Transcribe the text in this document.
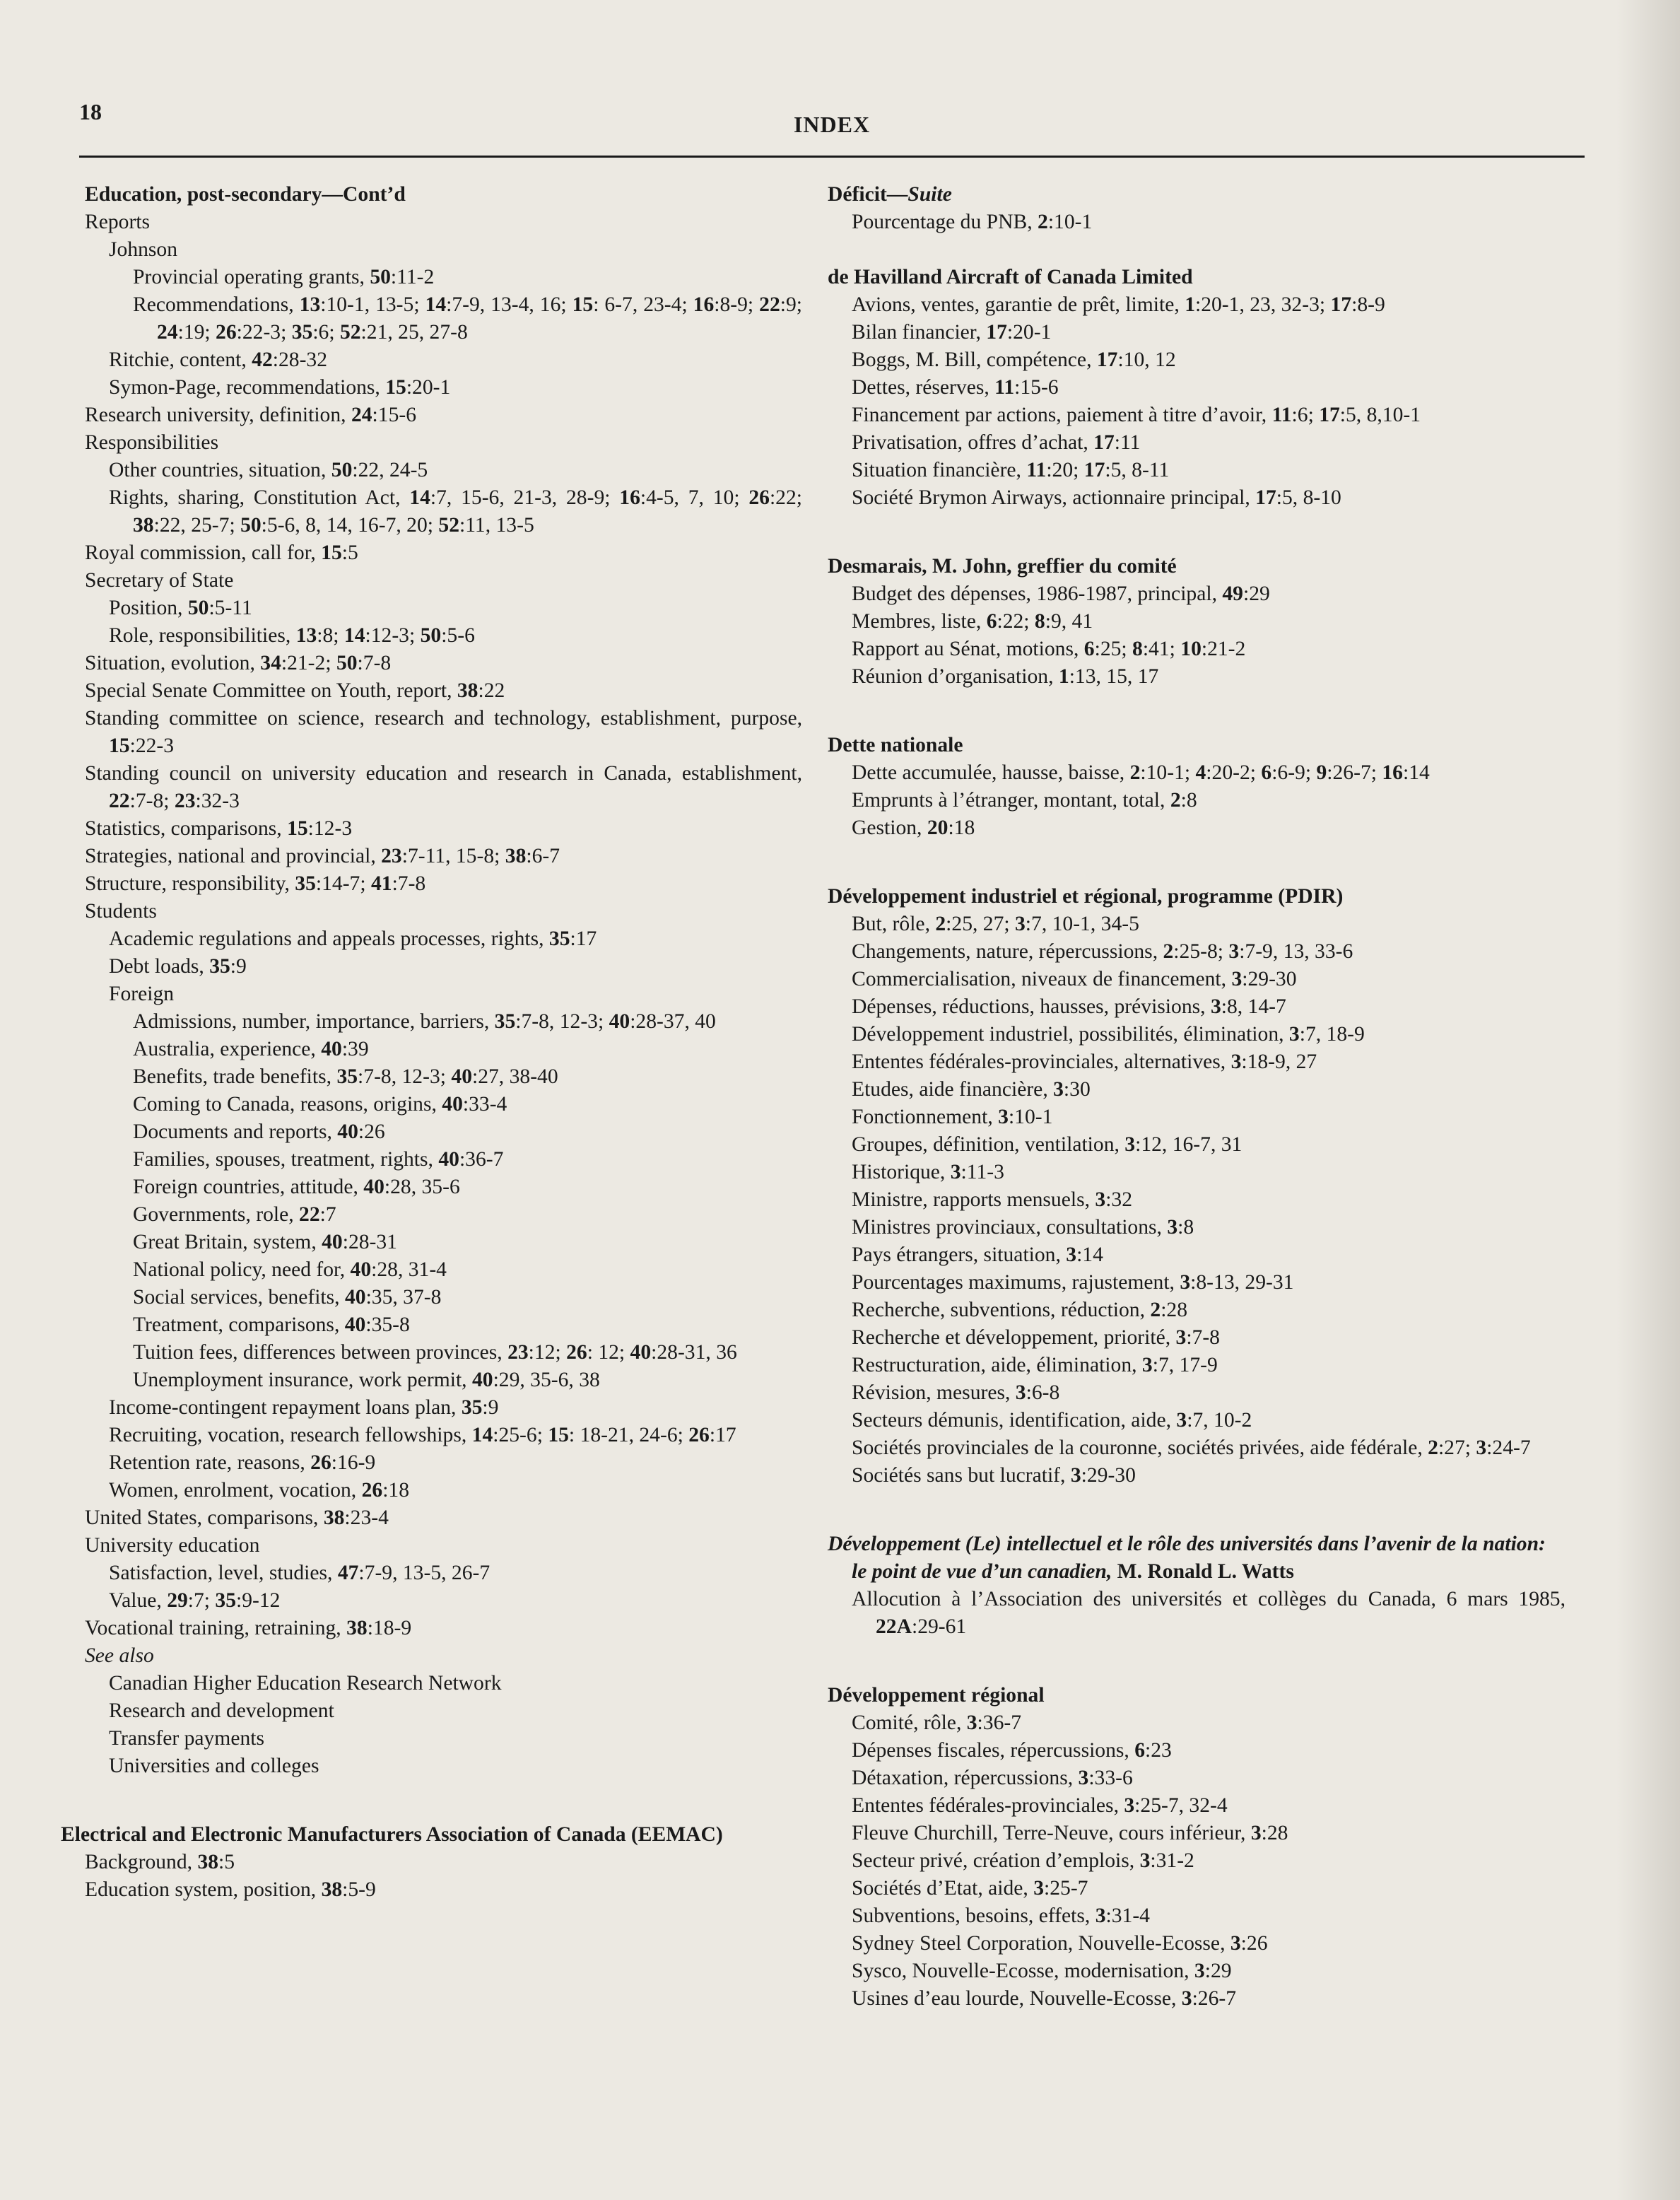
18	INDEX

Education, post-secondary—Cont’d

Reports

Johnson

Provincial operating grants, 50:11-2

Recommendations, 13:10-1, 13-5; 14:7-9, 13-4, 16; 15: 6-7, 23-4; 16:8-9; 22:9; 24:19; 26:22-3; 35:6; 52:21, 25, 27-8

Ritchie, content, 42:28-32

Symon-Page, recommendations, 15:20-1

Research university, definition, 24:15-6

Responsibilities

Other countries, situation, 50:22, 24-5

Rights, sharing, Constitution Act, 14:7, 15-6, 21-3, 28-9; 16:4-5, 7, 10; 26:22; 38:22, 25-7; 50:5-6, 8, 14, 16-7, 20; 52:11, 13-5

Royal commission, call for, 15:5

Secretary of State

Position, 50:5-11

Role, responsibilities, 13:8; 14:12-3; 50:5-6

Situation, evolution, 34:21-2; 50:7-8

Special Senate Committee on Youth, report, 38:22

Standing committee on science, research and technology, establishment, purpose, 15:22-3

Standing council on university education and research in Canada, establishment, 22:7-8; 23:32-3

Statistics, comparisons, 15:12-3

Strategies, national and provincial, 23:7-11, 15-8; 38:6-7

Structure, responsibility, 35:14-7; 41:7-8

Students

Academic regulations and appeals processes, rights, 35:17

Debt loads, 35:9

Foreign

Admissions, number, importance, barriers, 35:7-8, 12-3; 40:28-37, 40

Australia, experience, 40:39

Benefits, trade benefits, 35:7-8, 12-3; 40:27, 38-40

Coming to Canada, reasons, origins, 40:33-4

Documents and reports, 40:26

Families, spouses, treatment, rights, 40:36-7

Foreign countries, attitude, 40:28, 35-6

Governments, role, 22:7

Great Britain, system, 40:28-31

National policy, need for, 40:28, 31-4

Social services, benefits, 40:35, 37-8

Treatment, comparisons, 40:35-8

Tuition fees, differences between provinces, 23:12; 26: 12; 40:28-31, 36

Unemployment insurance, work permit, 40:29, 35-6, 38

Income-contingent repayment loans plan, 35:9

Recruiting, vocation, research fellowships, 14:25-6; 15: 18-21, 24-6; 26:17

Retention rate, reasons, 26:16-9

Women, enrolment, vocation, 26:18

United States, comparisons, 38:23-4

University education

Satisfaction, level, studies, 47:7-9, 13-5, 26-7

Value, 29:7; 35:9-12

Vocational training, retraining, 38:18-9

See also

Canadian Higher Education Research Network

Research and development

Transfer payments

Universities and colleges

Electrical and Electronic Manufacturers Association of Canada (EEMAC)

Background, 38:5

Education system, position, 38:5-9

Déficit—Suite

Pourcentage du PNB, 2:10-1

de Havilland Aircraft of Canada Limited

Avions, ventes, garantie de prêt, limite, 1:20-1, 23, 32-3; 17:8-9

Bilan financier, 17:20-1

Boggs, M. Bill, compétence, 17:10, 12

Dettes, réserves, 11:15-6

Financement par actions, paiement à titre d’avoir, 11:6; 17:5, 8,10-1

Privatisation, offres d’achat, 17:11

Situation financière, 11:20; 17:5, 8-11

Société Brymon Airways, actionnaire principal, 17:5, 8-10

Desmarais, M. John, greffier du comité

Budget des dépenses, 1986-1987, principal, 49:29

Membres, liste, 6:22; 8:9, 41

Rapport au Sénat, motions, 6:25; 8:41; 10:21-2

Réunion d’organisation, 1:13, 15, 17

Dette nationale

Dette accumulée, hausse, baisse, 2:10-1; 4:20-2; 6:6-9; 9:26-7; 16:14

Emprunts à l’étranger, montant, total, 2:8

Gestion, 20:18

Développement industriel et régional, programme (PDIR)

But, rôle, 2:25, 27; 3:7, 10-1, 34-5

Changements, nature, répercussions, 2:25-8; 3:7-9, 13, 33-6

Commercialisation, niveaux de financement, 3:29-30

Dépenses, réductions, hausses, prévisions, 3:8, 14-7

Développement industriel, possibilités, élimination, 3:7, 18-9

Ententes fédérales-provinciales, alternatives, 3:18-9, 27

Etudes, aide financière, 3:30

Fonctionnement, 3:10-1

Groupes, définition, ventilation, 3:12, 16-7, 31

Historique, 3:11-3

Ministre, rapports mensuels, 3:32

Ministres provinciaux, consultations, 3:8

Pays étrangers, situation, 3:14

Pourcentages maximums, rajustement, 3:8-13, 29-31

Recherche, subventions, réduction, 2:28

Recherche et développement, priorité, 3:7-8

Restructuration, aide, élimination, 3:7, 17-9

Révision, mesures, 3:6-8

Secteurs démunis, identification, aide, 3:7, 10-2

Sociétés provinciales de la couronne, sociétés privées, aide fédérale, 2:27; 3:24-7

Sociétés sans but lucratif, 3:29-30

Développement (Le) intellectuel et le rôle des universités dans l’avenir de la nation: le point de vue d’un canadien, M. Ronald L. Watts

Allocution à l’Association des universités et collèges du Canada, 6 mars 1985, 22A:29-61

Développement régional

Comité, rôle, 3:36-7

Dépenses fiscales, répercussions, 6:23

Détaxation, répercussions, 3:33-6

Ententes fédérales-provinciales, 3:25-7, 32-4

Fleuve Churchill, Terre-Neuve, cours inférieur, 3:28

Secteur privé, création d’emplois, 3:31-2

Sociétés d’Etat, aide, 3:25-7

Subventions, besoins, effets, 3:31-4

Sydney Steel Corporation, Nouvelle-Ecosse, 3:26

Sysco, Nouvelle-Ecosse, modernisation, 3:29

Usines d’eau lourde, Nouvelle-Ecosse, 3:26-7
